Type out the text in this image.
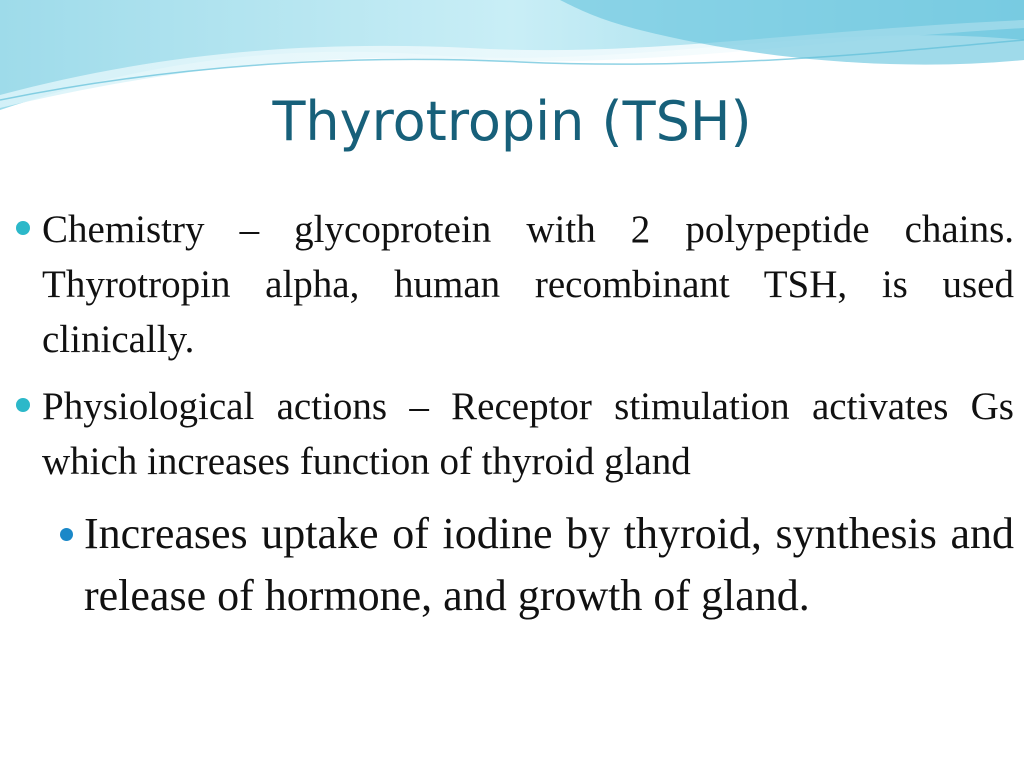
Thyrotropin (TSH)

Chemistry – glycoprotein with 2 polypeptide chains. Thyrotropin alpha, human recombinant TSH, is used clinically.

Physiological actions – Receptor stimulation activates Gs which increases function of thyroid gland

Increases uptake of iodine by thyroid, synthesis and release of hormone, and growth of gland.
